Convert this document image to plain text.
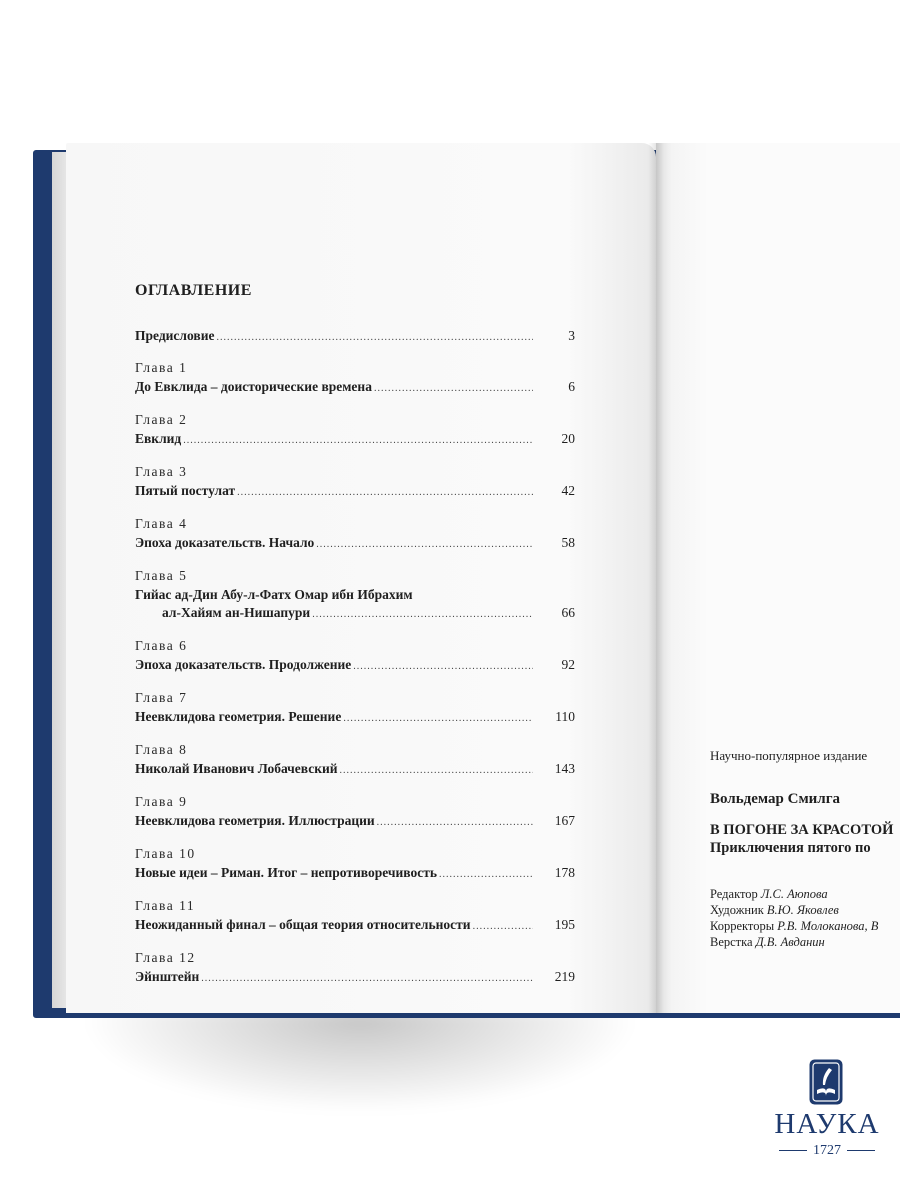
ОГЛАВЛЕНИЕ
Предисловие .....	3
Глава 1
До Евклида – доисторические времена .....	6
Глава 2
Евклид .....	20
Глава 3
Пятый постулат .....	42
Глава 4
Эпоха доказательств. Начало .....	58
Глава 5
Гийас ад-Дин Абу-л-Фатх Омар ибн Ибрахим
ал-Хайям ан-Нишапури .....	66
Глава 6
Эпоха доказательств. Продолжение .....	92
Глава 7
Неевклидова геометрия. Решение .....	110
Глава 8
Николай Иванович Лобачевский .....	143
Глава 9
Неевклидова геометрия. Иллюстрации .....	167
Глава 10
Новые идеи – Риман. Итог – непротиворечивость .....	178
Глава 11
Неожиданный финал – общая теория относительности .....	195
Глава 12
Эйнштейн .....	219
Научно-популярное издание
Вольдемар Смилга
В ПОГОНЕ ЗА КРАСОТОЙ
Приключения пятого по
Редактор Л.С. Аюпова
Художник В.Ю. Яковлев
Корректоры Р.В. Молоканова, В
Верстка Д.В. Авданин
НАУКА
1727
